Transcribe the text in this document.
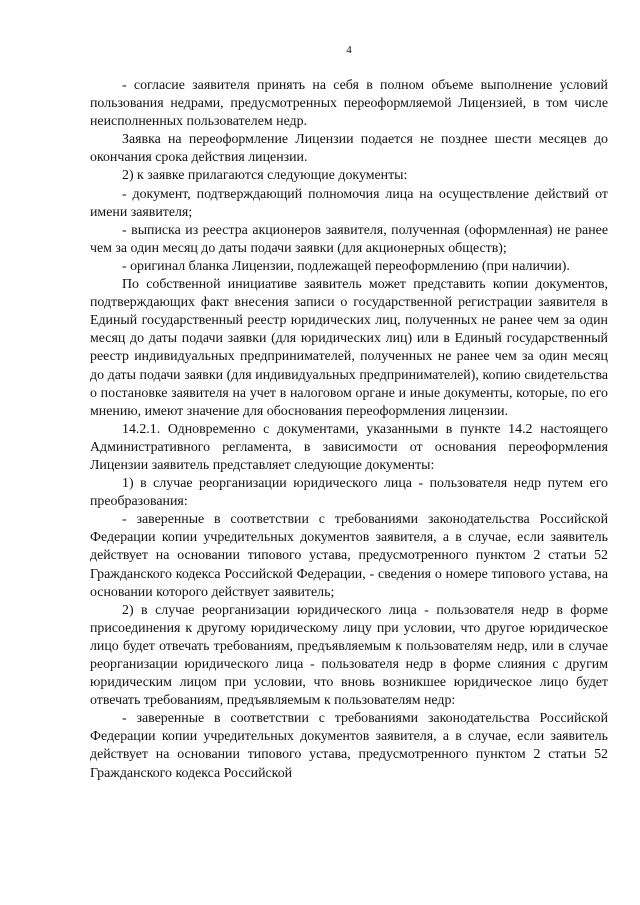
4

- согласие заявителя принять на себя в полном объеме выполнение условий пользования недрами, предусмотренных переоформляемой Лицензией, в том числе неисполненных пользователем недр.

Заявка на переоформление Лицензии подается не позднее шести месяцев до окончания срока действия лицензии.

2) к заявке прилагаются следующие документы:

- документ, подтверждающий полномочия лица на осуществление действий от имени заявителя;

- выписка из реестра акционеров заявителя, полученная (оформленная) не ранее чем за один месяц до даты подачи заявки (для акционерных обществ);

- оригинал бланка Лицензии, подлежащей переоформлению (при наличии).

По собственной инициативе заявитель может представить копии документов, подтверждающих факт внесения записи о государственной регистрации заявителя в Единый государственный реестр юридических лиц, полученных не ранее чем за один месяц до даты подачи заявки (для юридических лиц) или в Единый государственный реестр индивидуальных предпринимателей, полученных не ранее чем за один месяц до даты подачи заявки (для индивидуальных предпринимателей), копию свидетельства о постановке заявителя на учет в налоговом органе и иные документы, которые, по его мнению, имеют значение для обоснования переоформления лицензии.

14.2.1. Одновременно с документами, указанными в пункте 14.2 настоящего Административного регламента, в зависимости от основания переоформления Лицензии заявитель представляет следующие документы:

1) в случае реорганизации юридического лица - пользователя недр путем его преобразования:

- заверенные в соответствии с требованиями законодательства Российской Федерации копии учредительных документов заявителя, а в случае, если заявитель действует на основании типового устава, предусмотренного пунктом 2 статьи 52 Гражданского кодекса Российской Федерации, - сведения о номере типового устава, на основании которого действует заявитель;

2) в случае реорганизации юридического лица - пользователя недр в форме присоединения к другому юридическому лицу при условии, что другое юридическое лицо будет отвечать требованиям, предъявляемым к пользователям недр, или в случае реорганизации юридического лица - пользователя недр в форме слияния с другим юридическим лицом при условии, что вновь возникшее юридическое лицо будет отвечать требованиям, предъявляемым к пользователям недр:

- заверенные в соответствии с требованиями законодательства Российской Федерации копии учредительных документов заявителя, а в случае, если заявитель действует на основании типового устава, предусмотренного пунктом 2 статьи 52 Гражданского кодекса Российской
